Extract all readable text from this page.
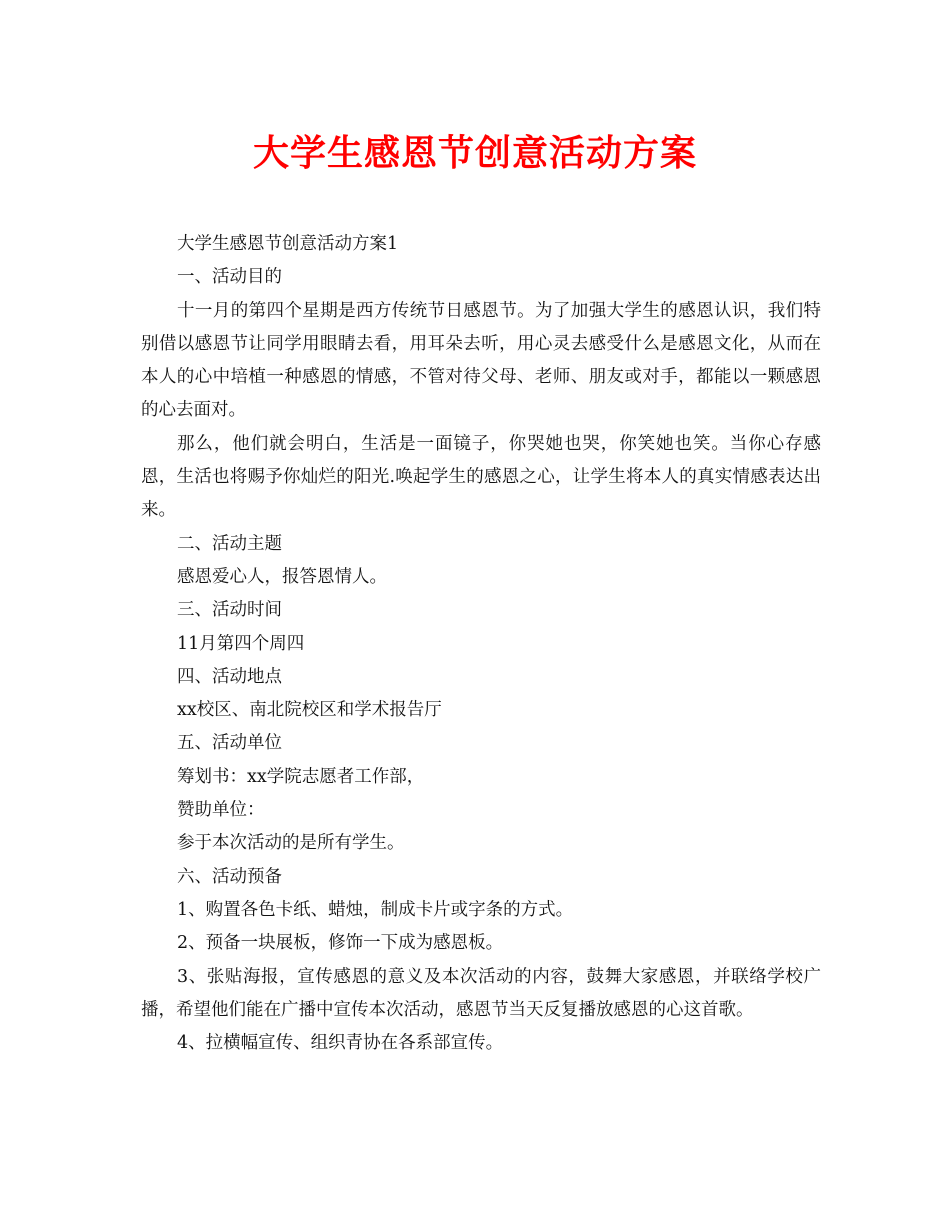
大学生感恩节创意活动方案

大学生感恩节创意活动方案1

一、活动目的

十一月的第四个星期是西方传统节日感恩节。为了加强大学生的感恩认识，我们特别借以感恩节让同学用眼睛去看，用耳朵去听，用心灵去感受什么是感恩文化，从而在本人的心中培植一种感恩的情感，不管对待父母、老师、朋友或对手，都能以一颗感恩的心去面对。

那么，他们就会明白，生活是一面镜子，你哭她也哭，你笑她也笑。当你心存感恩，生活也将赐予你灿烂的阳光.唤起学生的感恩之心，让学生将本人的真实情感表达出来。

二、活动主题

感恩爱心人，报答恩情人。

三、活动时间

11月第四个周四

四、活动地点

xx校区、南北院校区和学术报告厅

五、活动单位

筹划书：xx学院志愿者工作部，

赞助单位：

参于本次活动的是所有学生。

六、活动预备

1、购置各色卡纸、蜡烛，制成卡片或字条的方式。

2、预备一块展板，修饰一下成为感恩板。

3、张贴海报，宣传感恩的意义及本次活动的内容，鼓舞大家感恩，并联络学校广播，希望他们能在广播中宣传本次活动，感恩节当天反复播放感恩的心这首歌。

4、拉横幅宣传、组织青协在各系部宣传。
